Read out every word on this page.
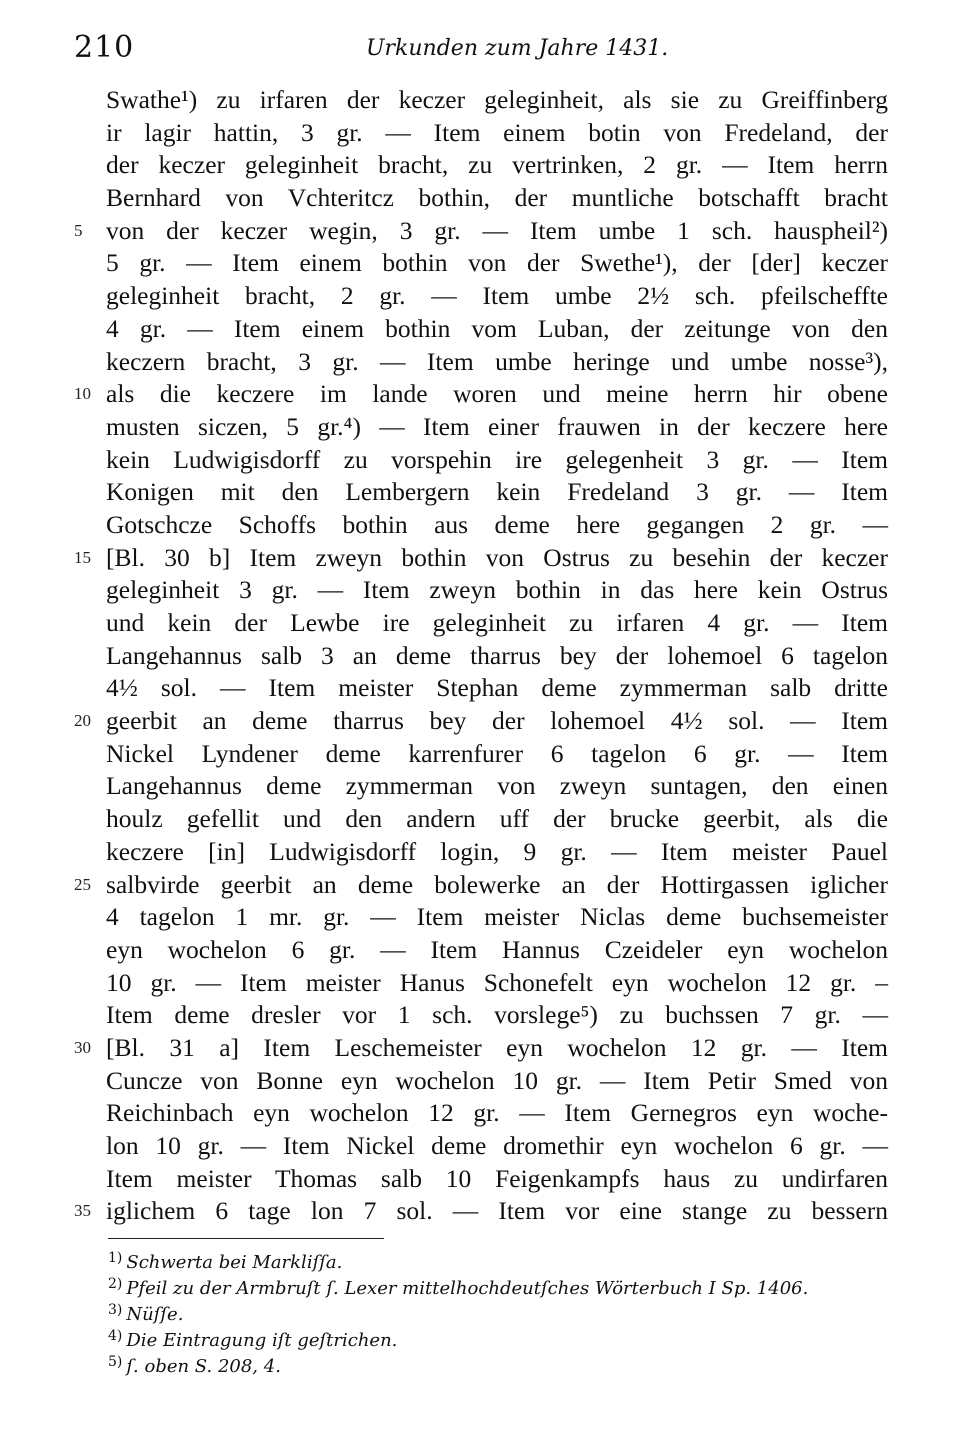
210	Urkunden zum Jahre 1431.
Swathe¹) zu irfaren der keczer geleginheit, als sie zu Greiffinberg
ir lagir hattin, 3 gr. — Item einem botin von Fredeland, der
der keczer geleginheit bracht, zu vertrinken, 2 gr. — Item herrn
Bernhard von Vchteritcz bothin, der muntliche botschafft bracht
5 von der keczer wegin, 3 gr. — Item umbe 1 sch. hauspheil²)
5 gr. — Item einem bothin von der Swethe¹), der [der] keczer
geleginheit bracht, 2 gr. — Item umbe 2½ sch. pfeilscheffte
4 gr. — Item einem bothin vom Luban, der zeitunge von den
keczern bracht, 3 gr. — Item umbe heringe und umbe nosse³),
10 als die keczere im lande woren und meine herrn hir obene
musten siczen, 5 gr.⁴) — Item einer frauwen in der keczere here
kein Ludwigisdorff zu vorspehin ire gelegenheit 3 gr. — Item
Konigen mit den Lembergern kein Fredeland 3 gr. — Item
Gotschcze Schoffs bothin aus deme here gegangen 2 gr. —
15 [Bl. 30 b] Item zweyn bothin von Ostrus zu besehin der keczer
geleginheit 3 gr. — Item zweyn bothin in das here kein Ostrus
und kein der Lewbe ire geleginheit zu irfaren 4 gr. — Item
Langehannus salb 3 an deme tharrus bey der lohemoel 6 tagelon
4½ sol. — Item meister Stephan deme zymmerman salb dritte
20 geerbit an deme tharrus bey der lohemoel 4½ sol. — Item
Nickel Lyndener deme karrenfurer 6 tagelon 6 gr. — Item
Langehannus deme zymmerman von zweyn suntagen, den einen
houlz gefellit und den andern uff der brucke geerbit, als die
keczere [in] Ludwigisdorff login, 9 gr. — Item meister Pauel
25 salbvirde geerbit an deme bolewerke an der Hottirgassen iglicher
4 tagelon 1 mr. gr. — Item meister Niclas deme buchsemeister
eyn wochelon 6 gr. — Item Hannus Czeideler eyn wochelon
10 gr. — Item meister Hanus Schonefelt eyn wochelon 12 gr. –
Item deme dresler vor 1 sch. vorslege⁵) zu buchssen 7 gr. —
30 [Bl. 31 a] Item Leschemeister eyn wochelon 12 gr. — Item
Cuncze von Bonne eyn wochelon 10 gr. — Item Petir Smed von
Reichinbach eyn wochelon 12 gr. — Item Gernegros eyn woche-
lon 10 gr. — Item Nickel deme dromethir eyn wochelon 6 gr. —
Item meister Thomas salb 10 Feigenkampfs haus zu undirfaren
35 iglichem 6 tage lon 7 sol. — Item vor eine stange zu bessern
$^{1)}$ Schwerta bei Markliſſa.
$^{2)}$ Pfeil zu der Armbruſt ſ. Lexer mittelhochdeutſches Wörterbuch I Sp. 1406.
$^{3)}$ Nüſſe.
$^{4)}$ Die Eintragung iſt geſtrichen.
$^{5)}$ ſ. oben S. 208, 4.
